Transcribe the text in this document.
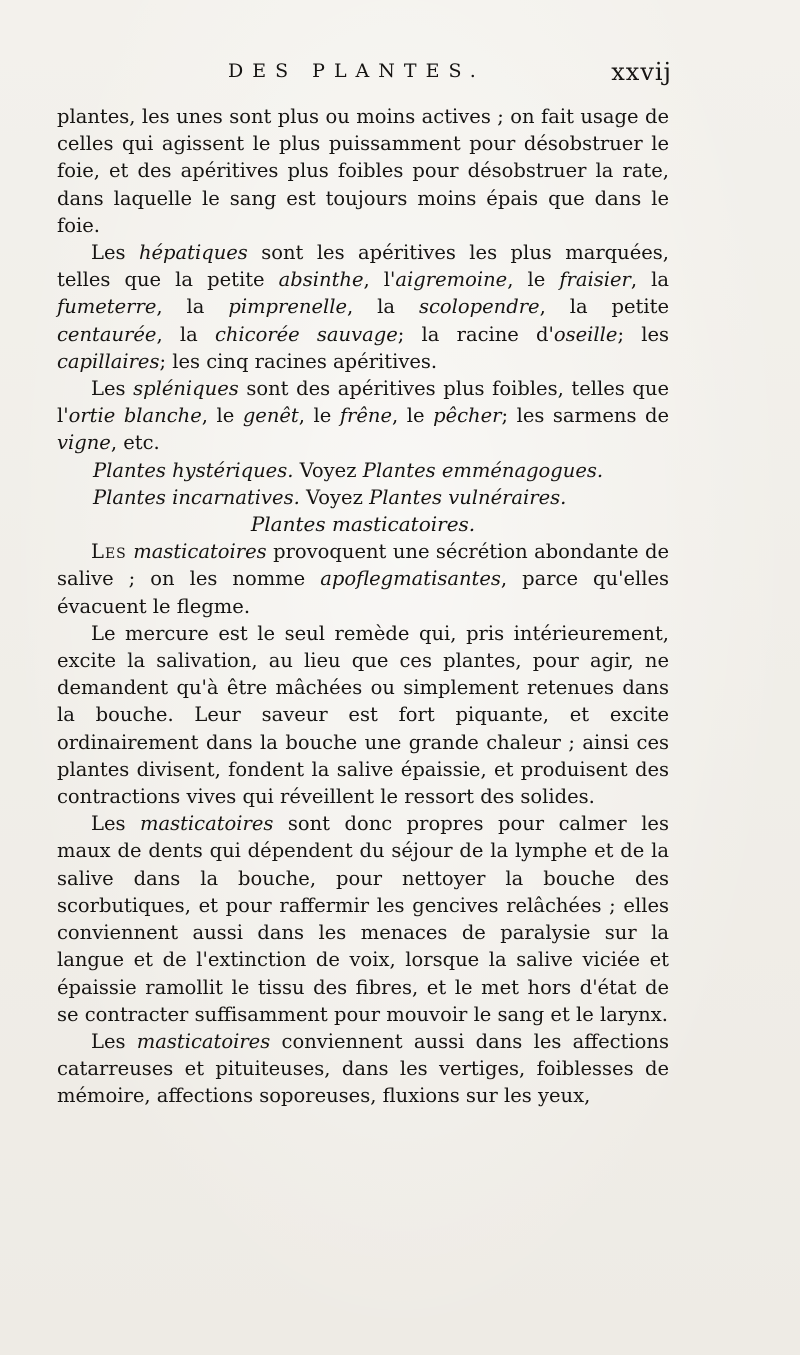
DES PLANTES.	xxvij

plantes, les unes sont plus ou moins actives ; on fait usage de celles qui agissent le plus puissamment pour désobstruer le foie, et des apéritives plus foibles pour désobstruer la rate, dans laquelle le sang est toujours moins épais que dans le foie.

Les hépatiques sont les apéritives les plus marquées, telles que la petite absinthe, l'aigremoine, le fraisier, la fumeterre, la pimprenelle, la scolopendre, la petite centaurée, la chicorée sauvage; la racine d'oseille; les capillaires; les cinq racines apéritives.

Les spléniques sont des apéritives plus foibles, telles que l'ortie blanche, le genêt, le frêne, le pêcher; les sarmens de vigne, etc.

Plantes hystériques. Voyez Plantes emménagogues.

Plantes incarnatives. Voyez Plantes vulnéraires.

Plantes masticatoires.

Les masticatoires provoquent une sécrétion abondante de salive ; on les nomme apoflegmatisantes, parce qu'elles évacuent le flegme.

Le mercure est le seul remède qui, pris intérieurement, excite la salivation, au lieu que ces plantes, pour agir, ne demandent qu'à être mâchées ou simplement retenues dans la bouche. Leur saveur est fort piquante, et excite ordinairement dans la bouche une grande chaleur ; ainsi ces plantes divisent, fondent la salive épaissie, et produisent des contractions vives qui réveillent le ressort des solides.

Les masticatoires sont donc propres pour calmer les maux de dents qui dépendent du séjour de la lymphe et de la salive dans la bouche, pour nettoyer la bouche des scorbutiques, et pour raffermir les gencives relâchées ; elles conviennent aussi dans les menaces de paralysie sur la langue et de l'extinction de voix, lorsque la salive viciée et épaissie ramollit le tissu des fibres, et le met hors d'état de se contracter suffisamment pour mouvoir le sang et le larynx.

Les masticatoires conviennent aussi dans les affections catarreuses et pituiteuses, dans les vertiges, foiblesses de mémoire, affections soporeuses, fluxions sur les yeux,
